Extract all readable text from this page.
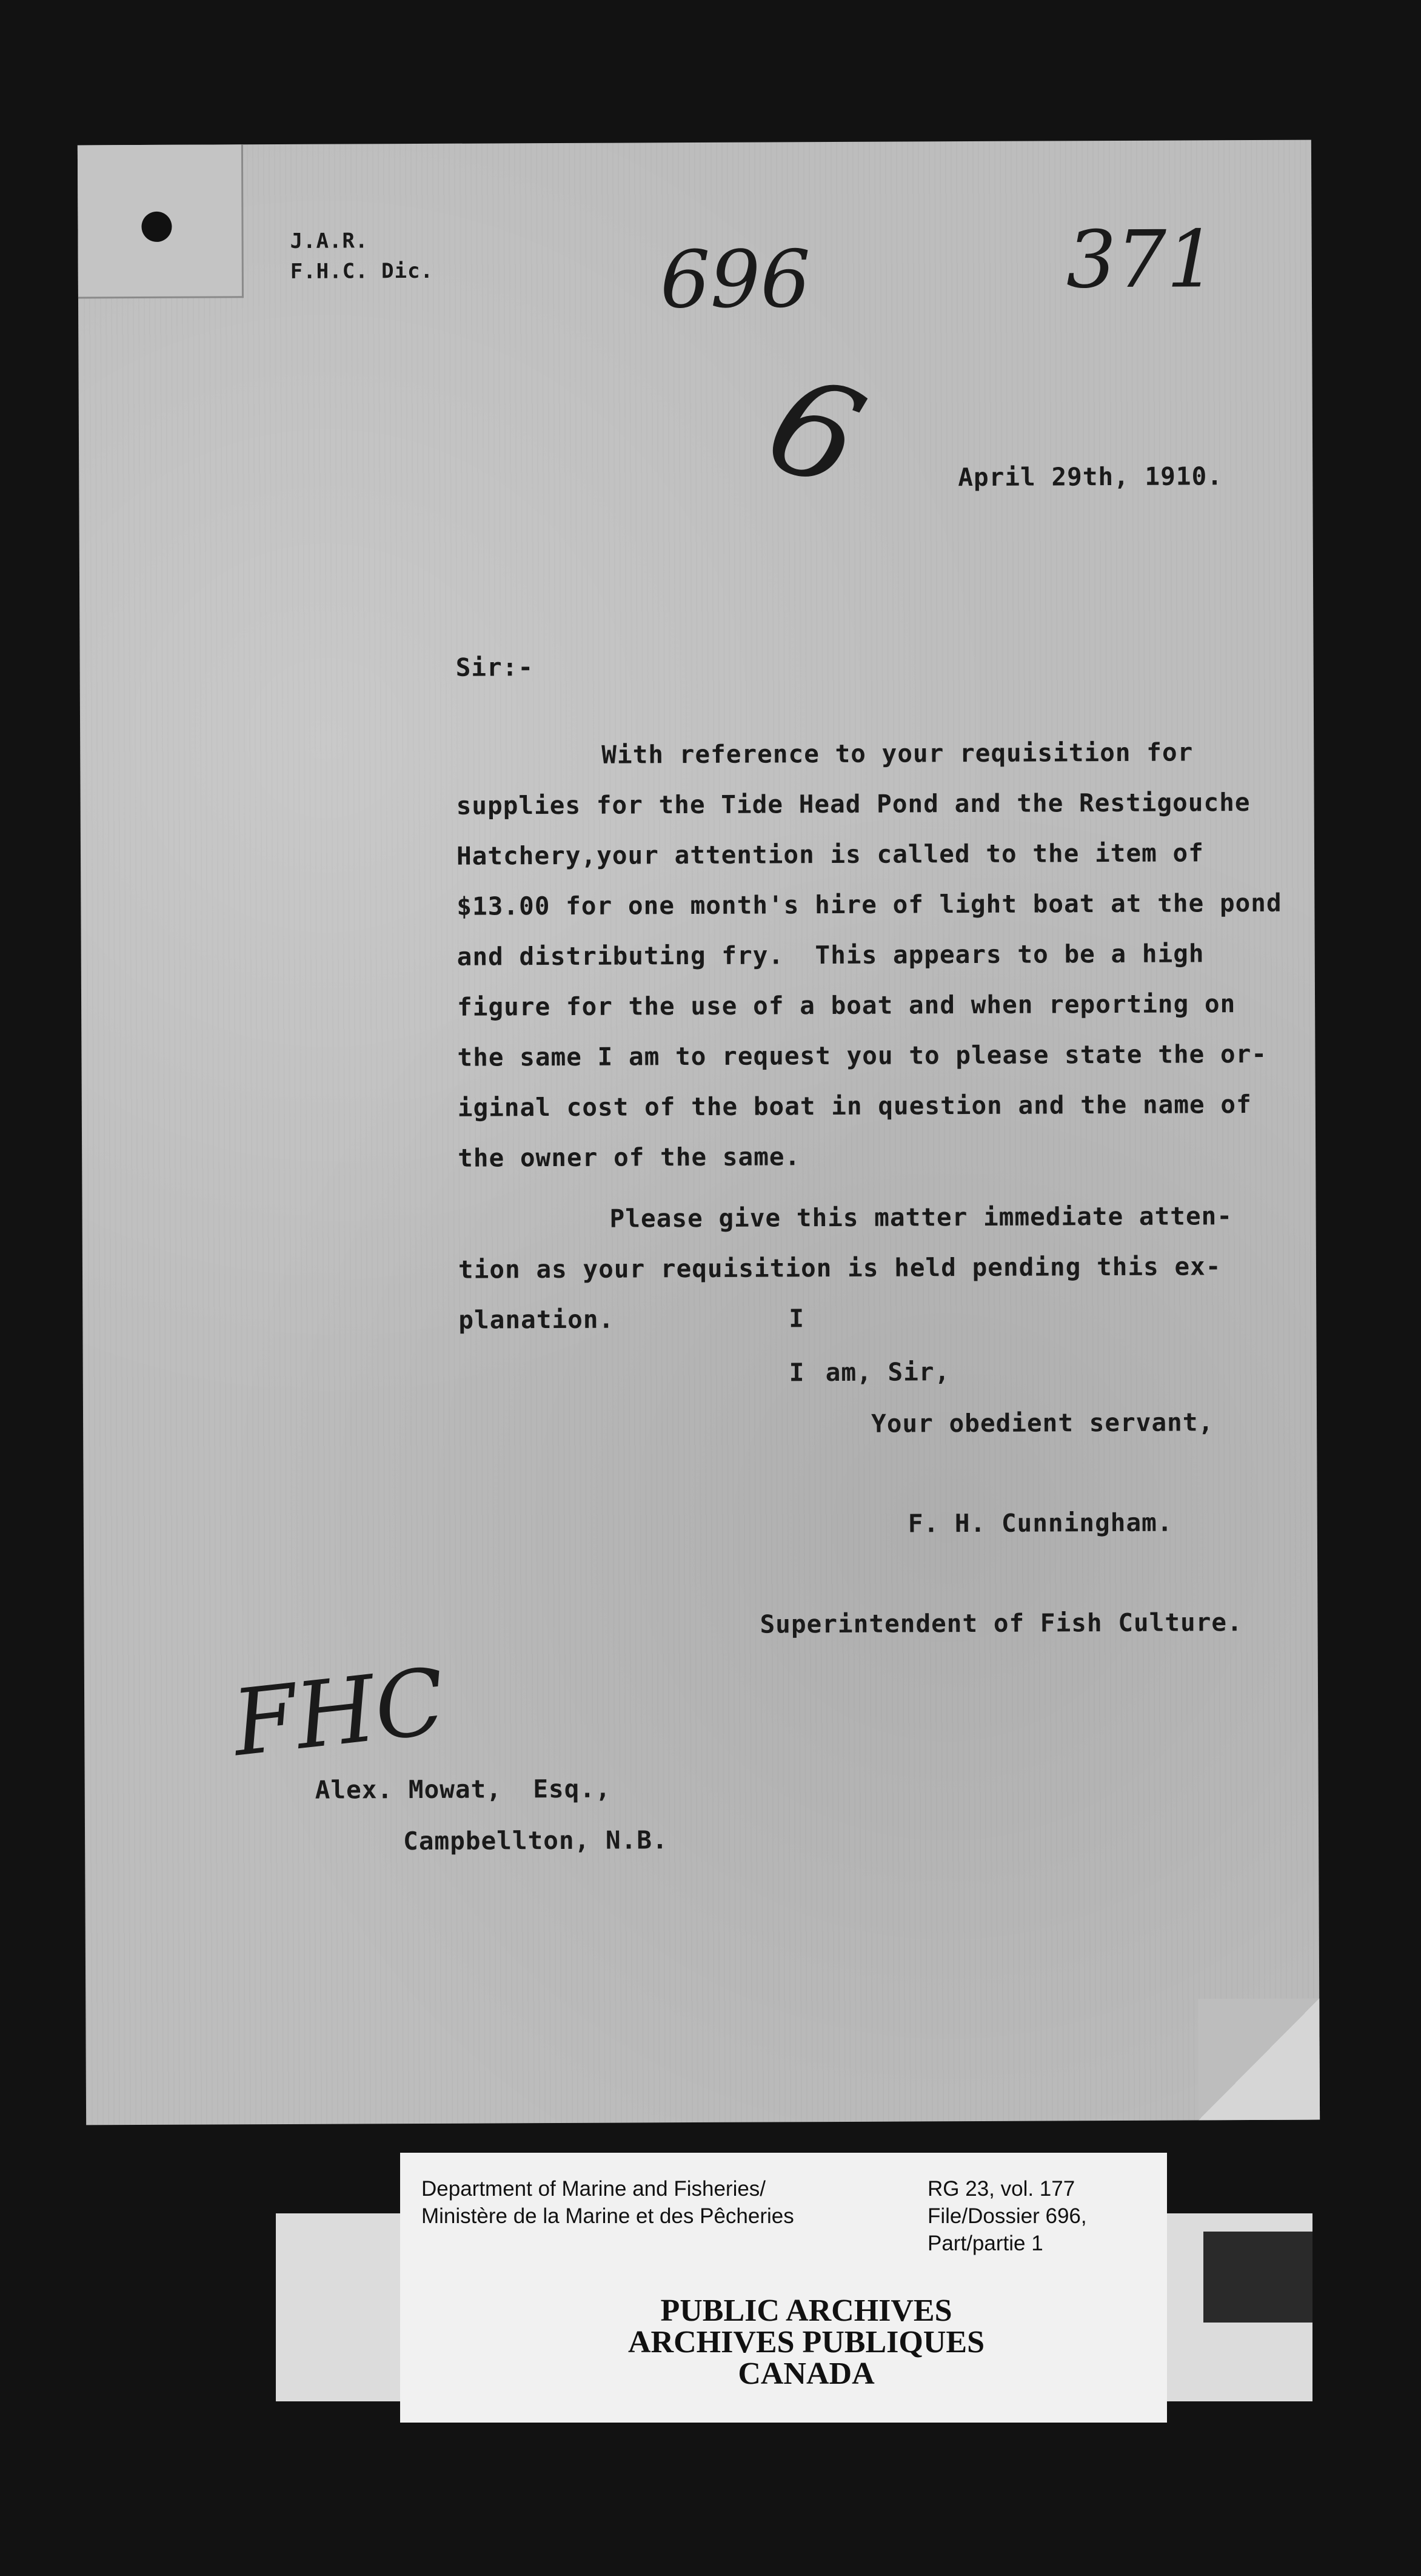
J.A.R.
F.H.C. Dic.	696
6
371
April 29th, 1910.
Sir:-
With reference to your requisition for
supplies for the Tide Head Pond and the Restigouche
Hatchery,your attention is called to the item of
$13.00 for one month's hire of light boat at the pond
and distributing fry.  This appears to be a high
figure for the use of a boat and when reporting on
the same I am to request you to please state the or-
iginal cost of the boat in question and the name of
the owner of the same.
Please give this matter immediate atten-
tion as your requisition is held pending this ex-
planation.	I
I am, Sir,
Your obedient servant,
F. H. Cunningham.
Superintendent of Fish Culture.
FHC
Alex. Mowat,  Esq.,
Campbellton, N.B.
Department of Marine and Fisheries/
Ministère de la Marine et des Pêcheries
RG 23, vol. 177
File/Dossier 696,
Part/partie 1
PUBLIC ARCHIVES
ARCHIVES PUBLIQUES
CANADA
